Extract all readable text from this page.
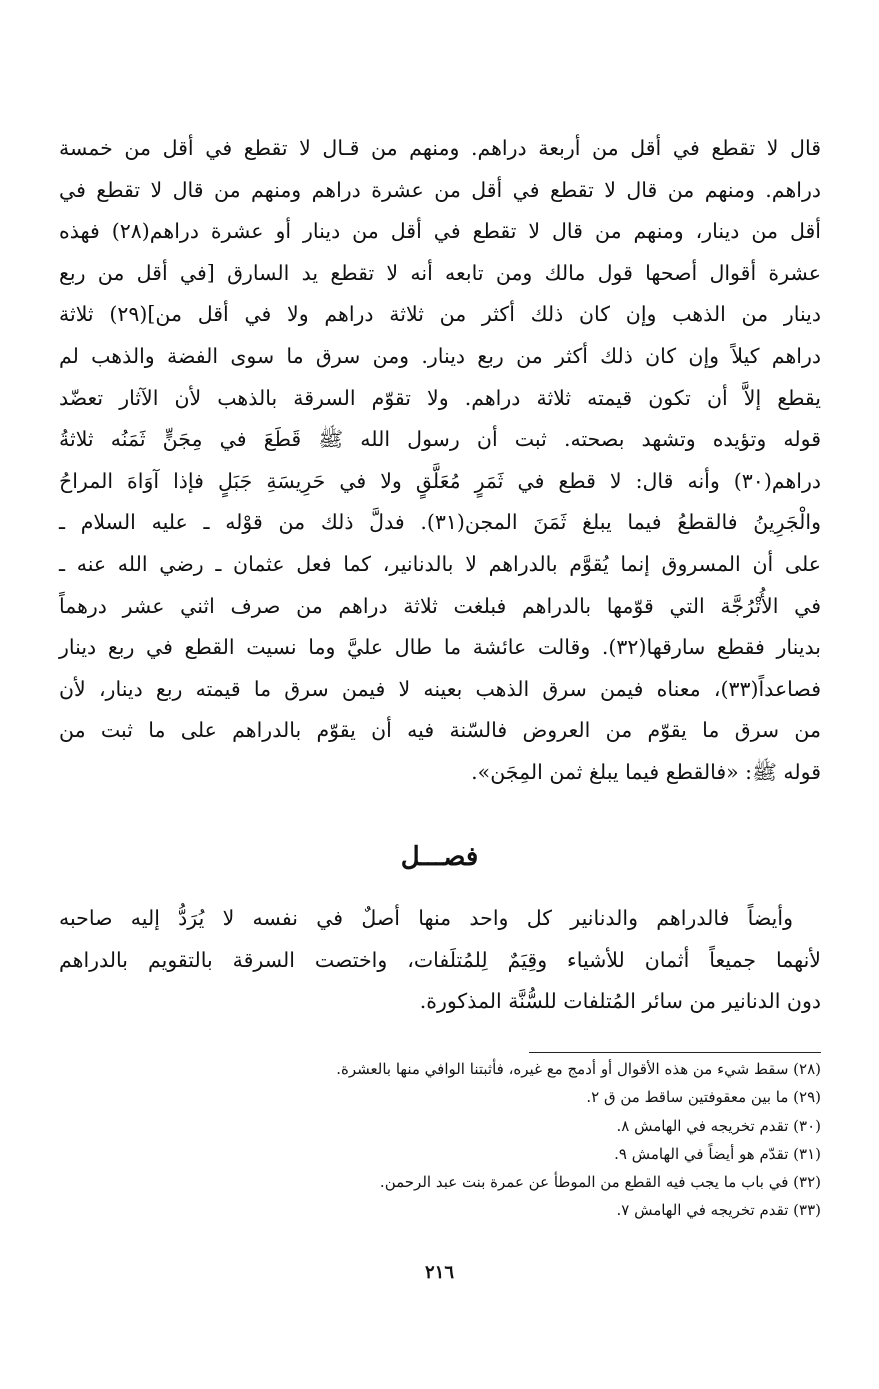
قال لا تقطع في أقل من أربعة دراهم. ومنهم من قـال لا تقطع في أقل من خمسة
دراهم. ومنهم من قال لا تقطع في أقل من عشرة دراهم ومنهم من قال لا تقطع في
أقل من دينار، ومنهم من قال لا تقطع في أقل من دينار أو عشرة دراهم(٢٨) فهذه
عشرة أقوال أصحها قول مالك ومن تابعه أنه لا تقطع يد السارق [في أقل من ربع
دينار من الذهب وإن كان ذلك أكثر من ثلاثة دراهم ولا في أقل من](٢٩) ثلاثة
دراهم كيلاً وإن كان ذلك أكثر من ربع دينار. ومن سرق ما سوى الفضة والذهب لم
يقطع إلاَّ أن تكون قيمته ثلاثة دراهم. ولا تقوّم السرقة بالذهب لأن الآثار تعضّد
قوله وتؤيده وتشهد بصحته. ثبت أن رسول الله ﷺ قَطَعَ في مِجَنٍّ ثَمَنُه ثلاثةُ
دراهم(٣٠) وأنه قال: لا قطع في ثَمَرٍ مُعَلَّقٍ ولا في حَرِيسَةِ جَبَلٍ فإذا آوَاهَ المراحُ
والْجَرِينُ فالقطعُ فيما يبلغ ثَمَنَ المجن(٣١). فدلَّ ذلك من قوْله ـ عليه السلام ـ
على أن المسروق إنما يُقوَّم بالدراهم لا بالدنانير، كما فعل عثمان ـ رضي الله عنه ـ
في الأُتْرُجَّة التي قوّمها بالدراهم فبلغت ثلاثة دراهم من صرف اثني عشر درهماً
بدينار فقطع سارقها(٣٢). وقالت عائشة ما طال عليَّ وما نسيت القطع في ربع دينار
فصاعداً(٣٣)، معناه فيمن سرق الذهب بعينه لا فيمن سرق ما قيمته ربع دينار، لأن
من سرق ما يقوّم من العروض فالسّنة فيه أن يقوّم بالدراهم على ما ثبت من
قوله ﷺ: «فالقطع فيما يبلغ ثمن المِجَن».

فصـــل

وأيضاً فالدراهم والدنانير كل واحد منها أصلٌ في نفسه لا يُرَدُّ إليه صاحبه
لأنهما جميعاً أثمان للأشياء وقِيَمٌ لِلمُتلَفات، واختصت السرقة بالتقويم بالدراهم
دون الدنانير من سائر المُتلفات للسُّنَّة المذكورة.

(٢٨) سقط شيء من هذه الأقوال أو أدمج مع غيره، فأثبتنا الوافي منها بالعشرة.
(٢٩) ما بين معقوفتين ساقط من ق ٢.
(٣٠) تقدم تخريجه في الهامش ٨.
(٣١) تقدّم هو أيضاً في الهامش ٩.
(٣٢) في باب ما يجب فيه القطع من الموطأ عن عمرة بنت عبد الرحمن.
(٣٣) تقدم تخريجه في الهامش ٧.

٢١٦
